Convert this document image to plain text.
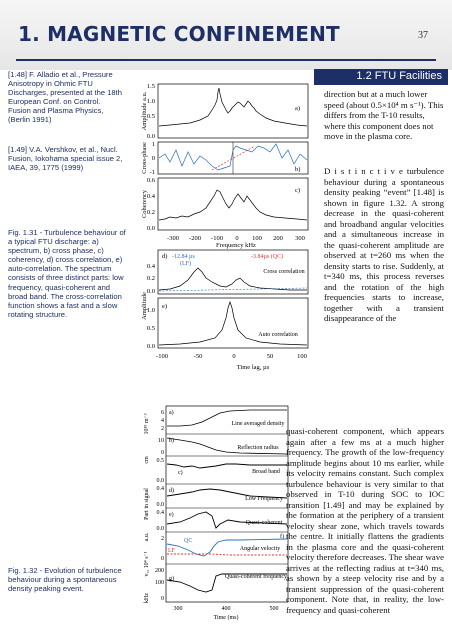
1. MAGNETIC CONFINEMENT	37
[1.48] F. Alladio et al., Pressure Anisotropy in Ohmic FTU Discharges, presented at the 18th European Conf. on Control. Fusion and Plasma Physics, (Berlin 1991)
[1.49] V.A. Vershkov, et al., Nucl. Fusion, Iokohama special issue 2, IAEA, 39, 1775 (1999)
Fig. 1.31 - Turbulence behaviour of a typical FTU discharge: a) spectrum, b) cross phase, c) coherency, d) cross correlation, e) auto-correlation. The spectrum consists of three distinct parts: low frequency, quasi-coherent and broad band. The cross-correlation function shows a fast and a slow rotating structure.
Fig. 1.32 - Evolution of turbulence behaviour during a spontaneous density peaking event.
Amplitude a.u.
1.5
1.0
0.5
0.0
a)
Cross-phase 1
0
-1	b)
Coherency
0.6
0.4
0.2
0.0
c)
-300 -200 -100 0 100 200 300
Frequency kHz
0.4
0.2
0.0
d) -12.84 µs
(LF)
-3.84µs (QC)
Cross correlation
Amplitude
1.0
0.5
0.0
e)
Auto correlation
-100	-50	0	50	100
Time lag, µs
10¹⁹ m⁻³
cm
Part in signal
a.u.
v₀, 10⁴ s⁻¹
kHz
6
4
2
a)
Line averaged density
10
0
b)
Reflection radius
0.5
0.0
c)	Broad band
0.4
0.0
d)
Low Frequency
0.4
0.0
e)
Quasi-coherent
2
0
f)
Angular velocity
QC
LF
200
100
0
g)	Quasi-coherent frequency
300	400	500
Time (ms)
1.2 FTU Facilities

direction but at a much lower speed (about 0.5×10⁴ m s⁻¹). This differs from the T-10 results, where this component does not move in the plasma core.

D i s t i n c t i v e turbulence behaviour during a spontaneous density peaking “event” [1.48] is shown in figure 1.32. A strong decrease in the quasi-coherent and broadband angular velocities and a simultaneous increase in the quasi-coherent amplitude are observed at t=260 ms when the density starts to rise. Suddenly, at t=340 ms, this process reverses and the rotation of the high frequencies starts to increase, together with a transient disappearance of the

quasi-coherent component, which appears again after a few ms at a much higher frequency. The growth of the low-frequency amplitude begins about 10 ms earlier, while its velocity remains constant. Such complex turbulence behaviour is very similar to that observed in T-10 during SOC to IOC transition [1.49] and may be explained by the formation at the periphery of a transient velocity shear zone, which travels towards the centre. It initially flattens the gradients in the plasma core and the quasi-coherent velocity therefore decreases. The shear wave arrives at the reflecting radius at t=340 ms, as shown by a steep velocity rise and by a transient suppression of the quasi-coherent component. Note that, in reality, the low-frequency and quasi-coherent
